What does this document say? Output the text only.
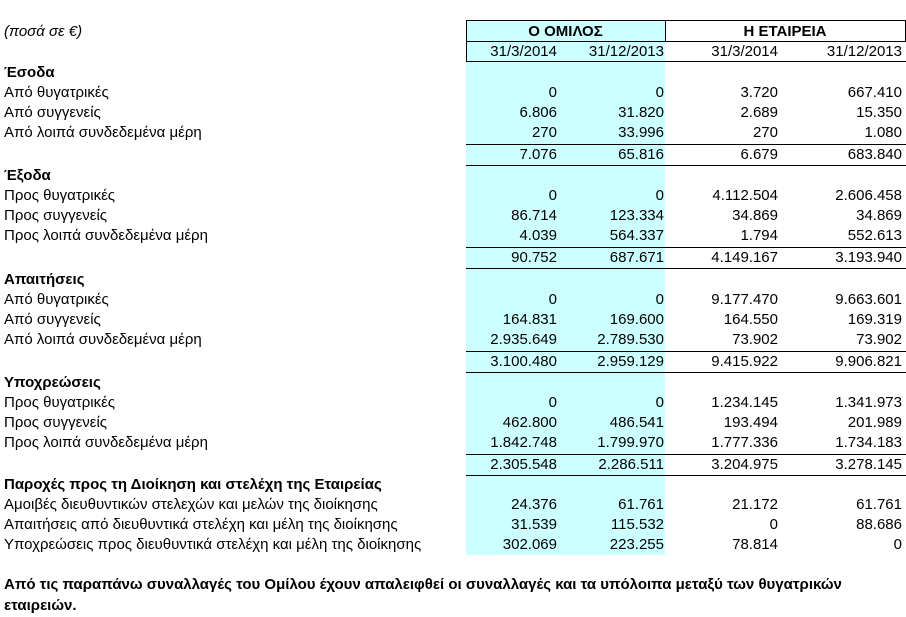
(ποσά σε €)	Ο ΟΜΙΛΟΣ	Η ΕΤΑΙΡΕΙΑ
31/3/2014	31/12/2013	31/3/2014	31/12/2013
Έσοδα
Από θυγατρικές	0	0	3.720	667.410
Από συγγενείς	6.806	31.820	2.689	15.350
Από λοιπά συνδεδεμένα μέρη	270	33.996	270	1.080
7.076	65.816	6.679	683.840
Έξοδα
Προς θυγατρικές	0	0	4.112.504	2.606.458
Προς συγγενείς	86.714	123.334	34.869	34.869
Προς λοιπά συνδεδεμένα μέρη	4.039	564.337	1.794	552.613
90.752	687.671	4.149.167	3.193.940
Απαιτήσεις
Από θυγατρικές	0	0	9.177.470	9.663.601
Από συγγενείς	164.831	169.600	164.550	169.319
Από λοιπά συνδεδεμένα μέρη	2.935.649	2.789.530	73.902	73.902
3.100.480	2.959.129	9.415.922	9.906.821
Υποχρεώσεις
Προς θυγατρικές	0	0	1.234.145	1.341.973
Προς συγγενείς	462.800	486.541	193.494	201.989
Προς λοιπά συνδεδεμένα μέρη	1.842.748	1.799.970	1.777.336	1.734.183
2.305.548	2.286.511	3.204.975	3.278.145
Παροχές προς τη Διοίκηση και στελέχη της Εταιρείας
Αμοιβές διευθυντικών στελεχών και μελών της διοίκησης	24.376	61.761	21.172	61.761
Απαιτήσεις από διευθυντικά στελέχη και μέλη της διοίκησης	31.539	115.532	0	88.686
Υποχρεώσεις προς διευθυντικά στελέχη και μέλη της διοίκησης	302.069	223.255	78.814	0
Από τις παραπάνω συναλλαγές του Ομίλου έχουν απαλειφθεί οι συναλλαγές και τα υπόλοιπα μεταξύ των θυγατρικών εταιρειών.
